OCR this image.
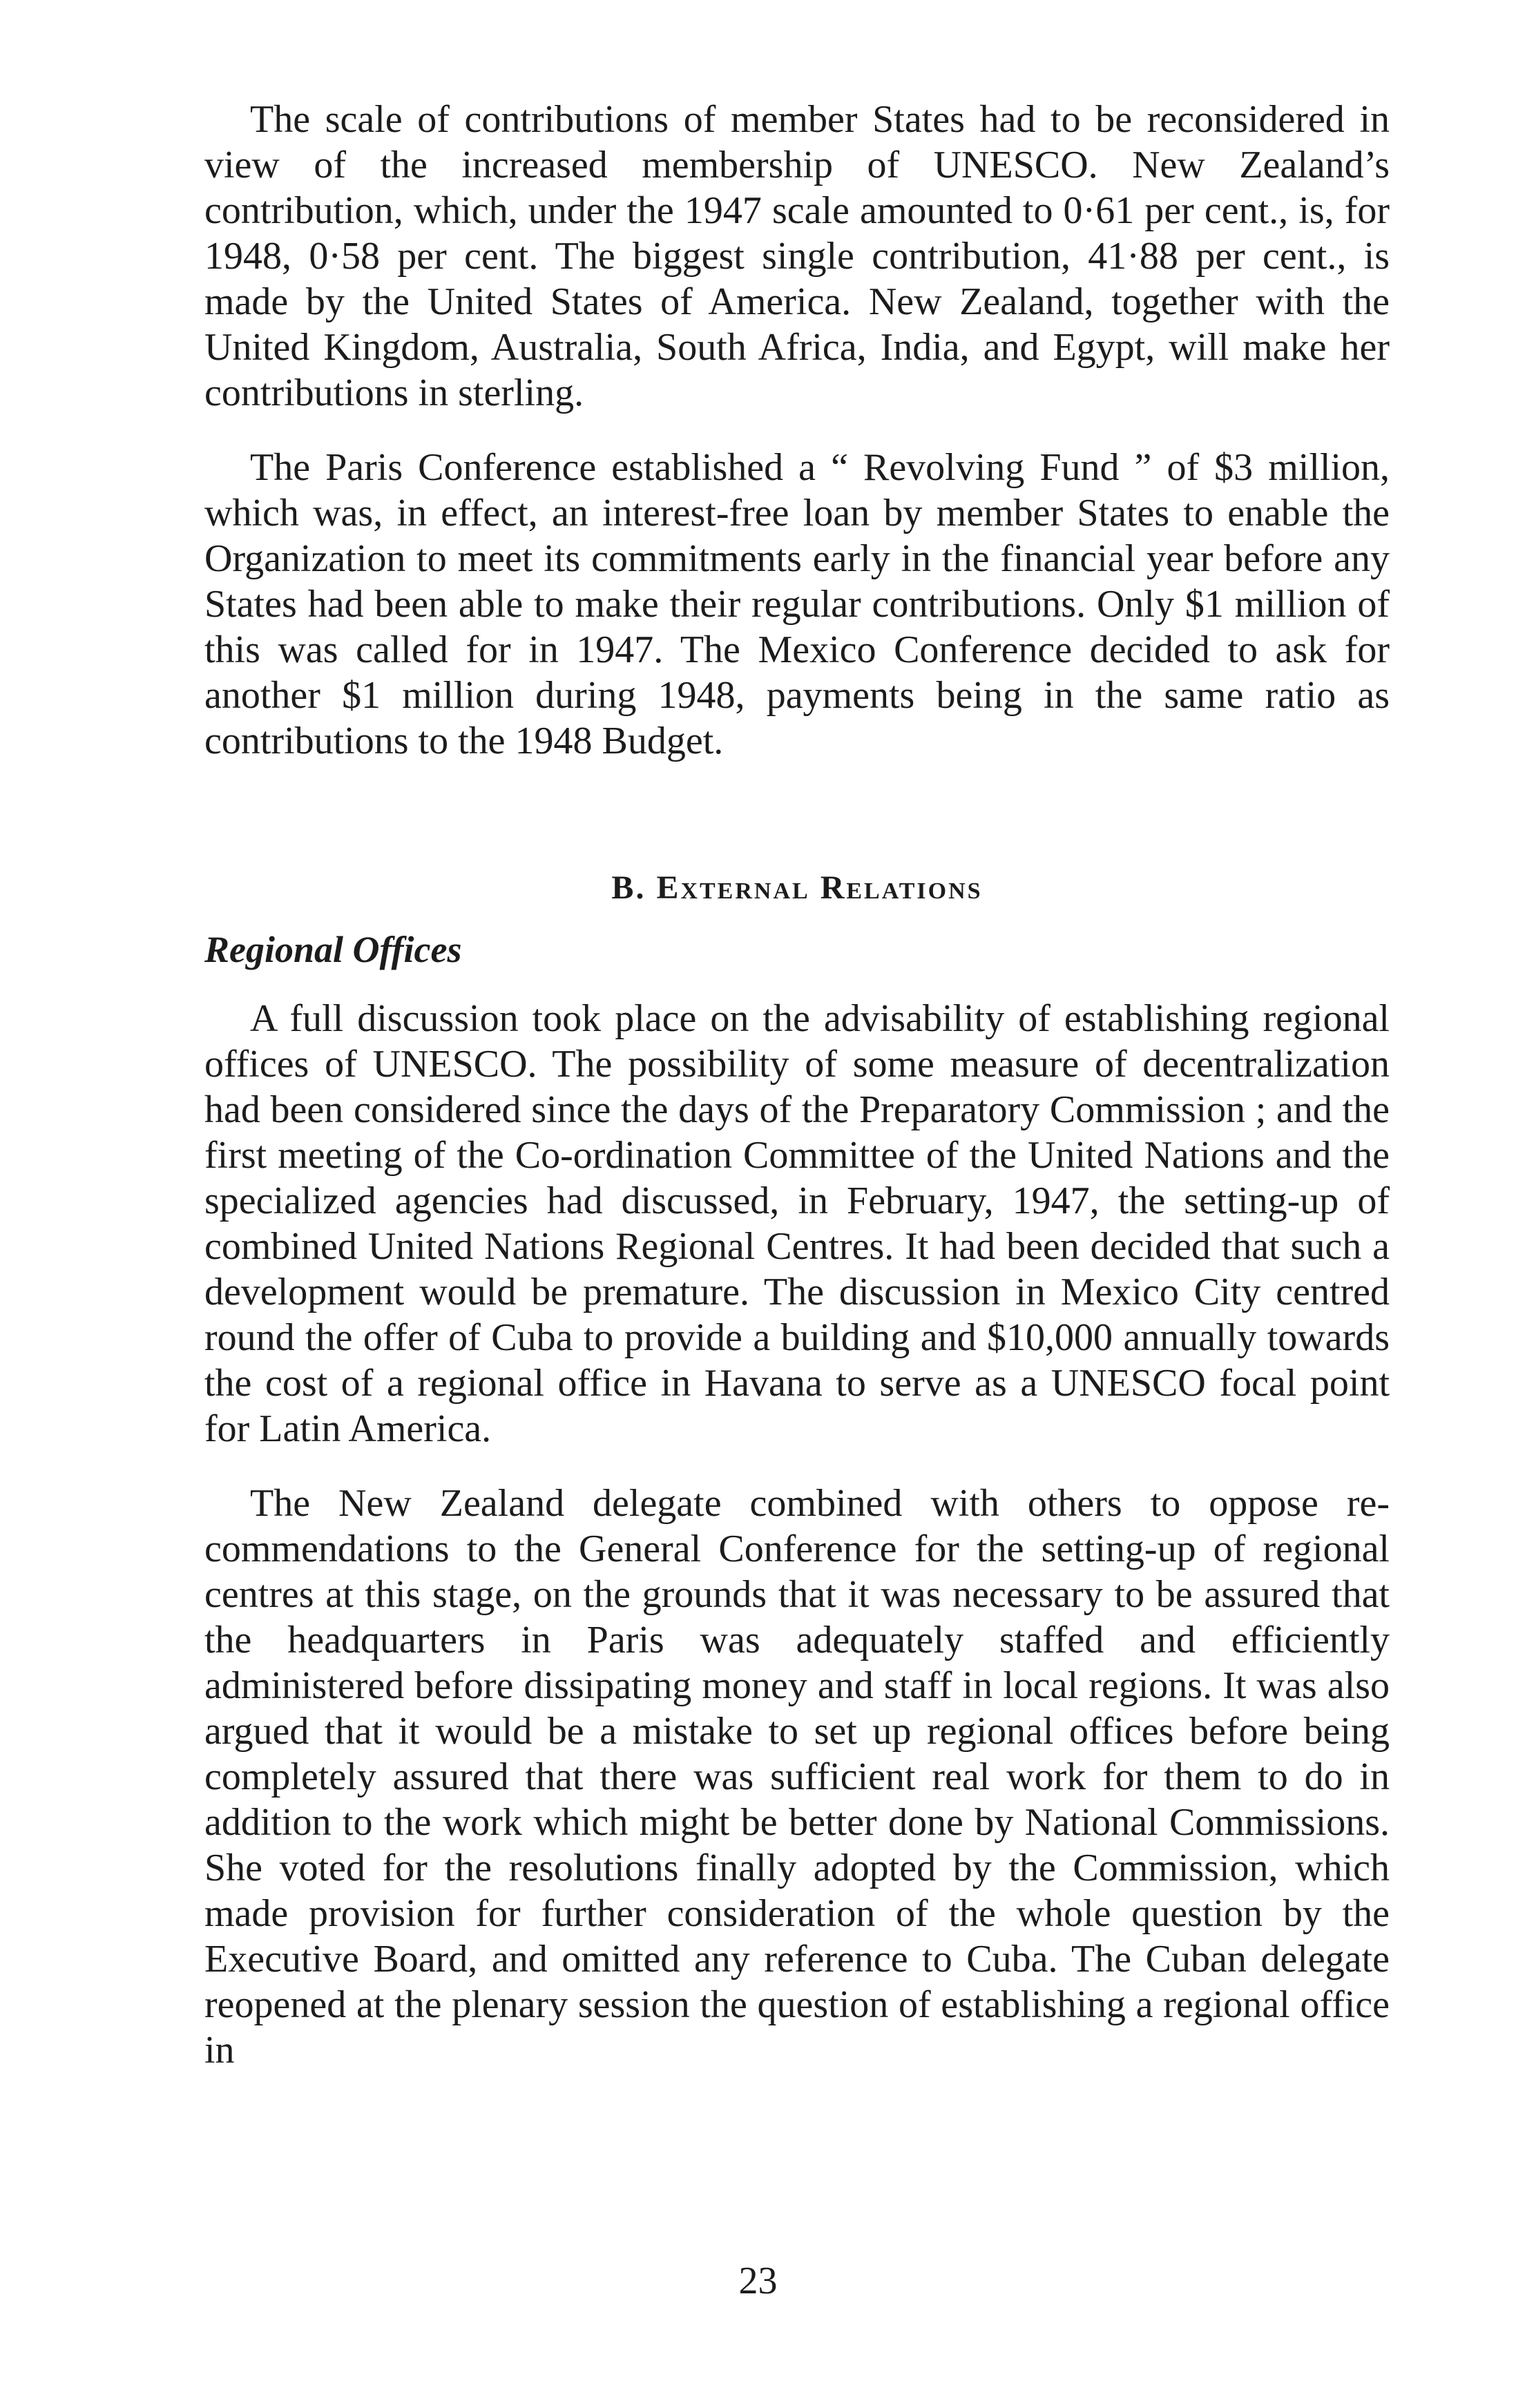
The scale of contributions of member States had to be reconsidered in view of the increased membership of UNESCO. New Zealand’s contribution, which, under the 1947 scale amounted to 0·61 per cent., is, for 1948, 0·58 per cent. The biggest single contribution, 41·88 per cent., is made by the United States of America. New Zealand, together with the United Kingdom, Australia, South Africa, India, and Egypt, will make her contributions in sterling.

The Paris Conference established a “ Revolving Fund ” of $3 million, which was, in effect, an interest-free loan by member States to enable the Organization to meet its commitments early in the financial year before any States had been able to make their regular contributions. Only $1 million of this was called for in 1947. The Mexico Conference decided to ask for another $1 million during 1948, payments being in the same ratio as contributions to the 1948 Budget.

B. External Relations
Regional Offices

A full discussion took place on the advisability of establishing regional offices of UNESCO. The possibility of some measure of decentralization had been considered since the days of the Preparatory Commission ; and the first meeting of the Co-ordination Committee of the United Nations and the specialized agencies had discussed, in February, 1947, the setting-up of combined United Nations Regional Centres. It had been decided that such a development would be premature. The discussion in Mexico City centred round the offer of Cuba to provide a building and $10,000 annually towards the cost of a regional office in Havana to serve as a UNESCO focal point for Latin America.

The New Zealand delegate combined with others to oppose recommendations to the General Conference for the setting-up of regional centres at this stage, on the grounds that it was necessary to be assured that the headquarters in Paris was adequately staffed and efficiently administered before dissipating money and staff in local regions. It was also argued that it would be a mistake to set up regional offices before being completely assured that there was sufficient real work for them to do in addition to the work which might be better done by National Commissions. She voted for the resolutions finally adopted by the Commission, which made provision for further consideration of the whole question by the Executive Board, and omitted any reference to Cuba. The Cuban delegate reopened at the plenary session the question of establishing a regional office in

23
